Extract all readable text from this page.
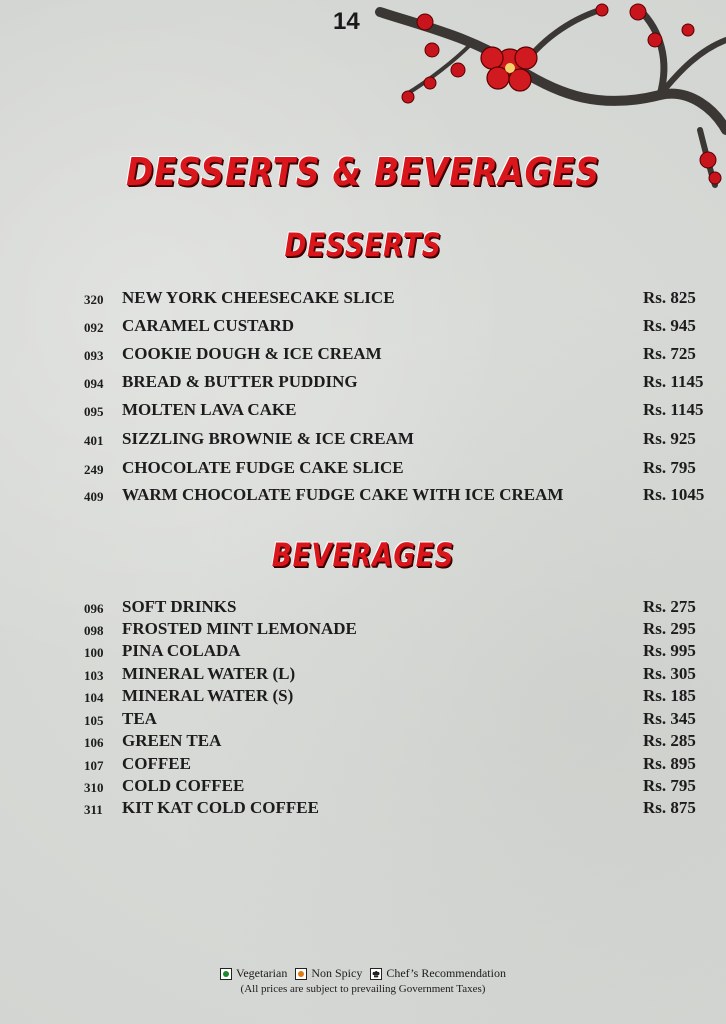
14
DESSERTS & BEVERAGES
DESSERTS
320 NEW YORK CHEESECAKE SLICE	Rs. 825
092 CARAMEL CUSTARD	Rs. 945
093 COOKIE DOUGH & ICE CREAM	Rs. 725
094 BREAD & BUTTER PUDDING	Rs. 1145
095 MOLTEN LAVA CAKE	Rs. 1145
401 SIZZLING BROWNIE & ICE CREAM	Rs. 925
249 CHOCOLATE FUDGE CAKE SLICE	Rs. 795
409 WARM CHOCOLATE FUDGE CAKE WITH ICE CREAM	Rs. 1045
BEVERAGES
096 SOFT DRINKS	Rs. 275
098 FROSTED MINT LEMONADE	Rs. 295
100 PINA COLADA	Rs. 995
103 MINERAL WATER (L)	Rs. 305
104 MINERAL WATER (S)	Rs. 185
105 TEA	Rs. 345
106 GREEN TEA	Rs. 285
107 COFFEE	Rs. 895
310 COLD COFFEE	Rs. 795
311 KIT KAT COLD COFFEE	Rs. 875
Vegetarian Non Spicy Chef’s Recommendation
(All prices are subject to prevailing Government Taxes)
